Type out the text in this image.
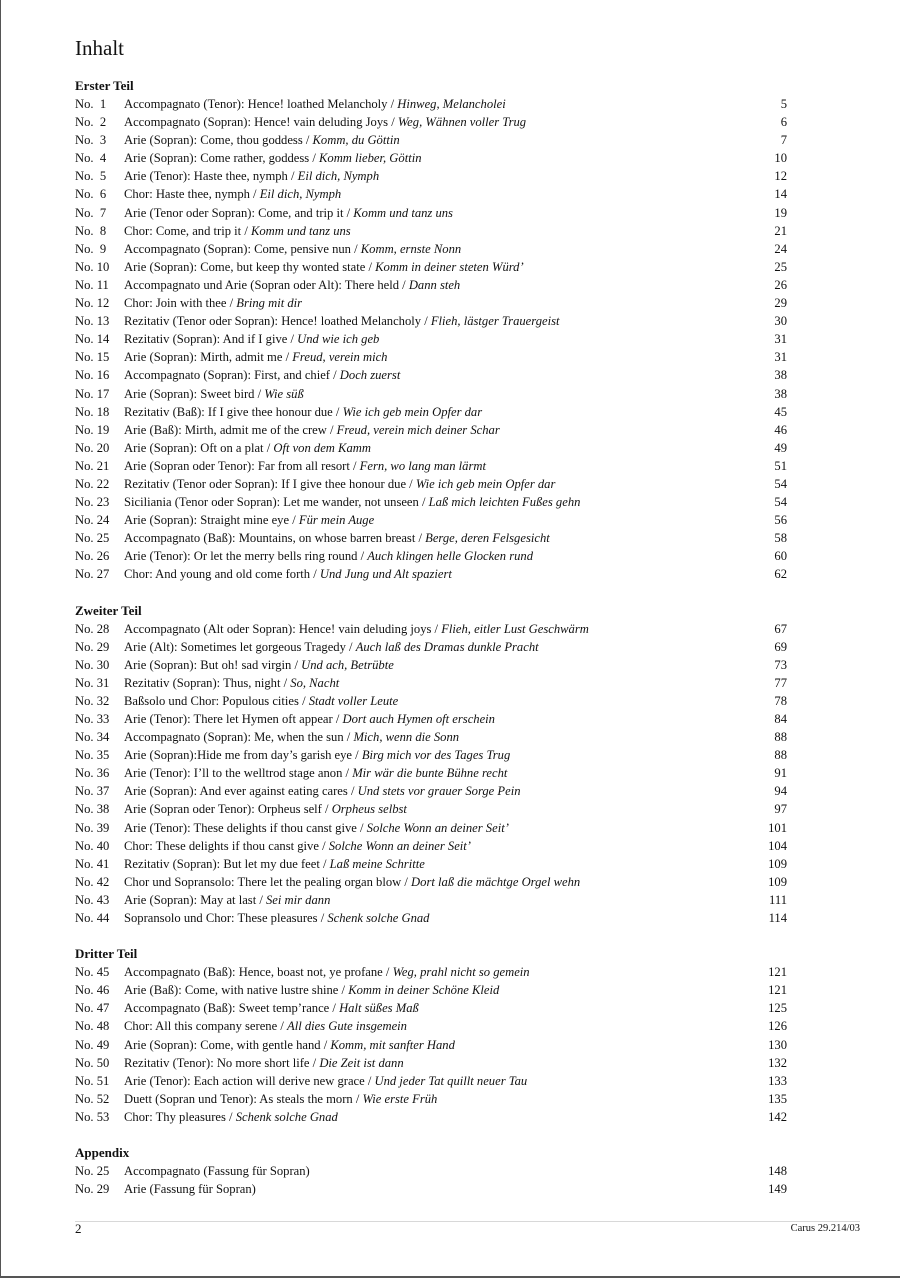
Inhalt
Erster Teil
No.  1	Accompagnato (Tenor): Hence! loathed Melancholy / Hinweg, Melancholei	5
No.  2	Accompagnato (Sopran): Hence! vain deluding Joys / Weg, Wähnen voller Trug	6
No.  3	Arie (Sopran): Come, thou goddess / Komm, du Göttin	7
No.  4	Arie (Sopran): Come rather, goddess / Komm lieber, Göttin	10
No.  5	Arie (Tenor): Haste thee, nymph / Eil dich, Nymph	12
No.  6	Chor: Haste thee, nymph / Eil dich, Nymph	14
No.  7	Arie (Tenor oder Sopran): Come, and trip it / Komm und tanz uns	19
No.  8	Chor: Come, and trip it / Komm und tanz uns	21
No.  9	Accompagnato (Sopran): Come, pensive nun / Komm, ernste Nonn	24
No. 10	Arie (Sopran): Come, but keep thy wonted state / Komm in deiner steten Würd’	25
No. 11	Accompagnato und Arie (Sopran oder Alt): There held / Dann steh	26
No. 12	Chor: Join with thee / Bring mit dir	29
No. 13	Rezitativ (Tenor oder Sopran): Hence! loathed Melancholy / Flieh, lästger Trauergeist	30
No. 14	Rezitativ (Sopran): And if I give / Und wie ich geb	31
No. 15	Arie (Sopran): Mirth, admit me / Freud, verein mich	31
No. 16	Accompagnato (Sopran): First, and chief / Doch zuerst	38
No. 17	Arie (Sopran): Sweet bird / Wie süß	38
No. 18	Rezitativ (Baß): If I give thee honour due / Wie ich geb mein Opfer dar	45
No. 19	Arie (Baß): Mirth, admit me of the crew / Freud, verein mich deiner Schar	46
No. 20	Arie (Sopran): Oft on a plat / Oft von dem Kamm	49
No. 21	Arie (Sopran oder Tenor): Far from all resort / Fern, wo lang man lärmt	51
No. 22	Rezitativ (Tenor oder Sopran): If I give thee honour due / Wie ich geb mein Opfer dar	54
No. 23	Siciliania (Tenor oder Sopran): Let me wander, not unseen / Laß mich leichten Fußes gehn	54
No. 24	Arie (Sopran): Straight mine eye / Für mein Auge	56
No. 25	Accompagnato (Baß): Mountains, on whose barren breast / Berge, deren Felsgesicht	58
No. 26	Arie (Tenor): Or let the merry bells ring round / Auch klingen helle Glocken rund	60
No. 27	Chor: And young and old come forth / Und Jung und Alt spaziert	62
Zweiter Teil
No. 28	Accompagnato (Alt oder Sopran): Hence! vain deluding joys / Flieh, eitler Lust Geschwärm	67
No. 29	Arie (Alt): Sometimes let gorgeous Tragedy / Auch laß des Dramas dunkle Pracht	69
No. 30	Arie (Sopran): But oh! sad virgin / Und ach, Betrübte	73
No. 31	Rezitativ (Sopran): Thus, night / So, Nacht	77
No. 32	Baßsolo und Chor: Populous cities / Stadt voller Leute	78
No. 33	Arie (Tenor): There let Hymen oft appear / Dort auch Hymen oft erschein	84
No. 34	Accompagnato (Sopran): Me, when the sun / Mich, wenn die Sonn	88
No. 35	Arie (Sopran):Hide me from day’s garish eye / Birg mich vor des Tages Trug	88
No. 36	Arie (Tenor): I’ll to the welltrod stage anon / Mir wär die bunte Bühne recht	91
No. 37	Arie (Sopran): And ever against eating cares / Und stets vor grauer Sorge Pein	94
No. 38	Arie (Sopran oder Tenor): Orpheus self / Orpheus selbst	97
No. 39	Arie (Tenor): These delights if thou canst give / Solche Wonn an deiner Seit’	101
No. 40	Chor: These delights if thou canst give / Solche Wonn an deiner Seit’	104
No. 41	Rezitativ (Sopran): But let my due feet / Laß meine Schritte	109
No. 42	Chor und Sopransolo: There let the pealing organ blow / Dort laß die mächtge Orgel wehn	109
No. 43	Arie (Sopran): May at last / Sei mir dann	111
No. 44	Sopransolo und Chor: These pleasures / Schenk solche Gnad	114
Dritter Teil
No. 45	Accompagnato (Baß): Hence, boast not, ye profane / Weg, prahl nicht so gemein	121
No. 46	Arie (Baß): Come, with native lustre shine / Komm in deiner Schöne Kleid	121
No. 47	Accompagnato (Baß): Sweet temp’rance / Halt süßes Maß	125
No. 48	Chor: All this company serene / All dies Gute insgemein	126
No. 49	Arie (Sopran): Come, with gentle hand / Komm, mit sanfter Hand	130
No. 50	Rezitativ (Tenor): No more short life / Die Zeit ist dann	132
No. 51	Arie (Tenor): Each action will derive new grace / Und jeder Tat quillt neuer Tau	133
No. 52	Duett (Sopran und Tenor): As steals the morn / Wie erste Früh	135
No. 53	Chor: Thy pleasures / Schenk solche Gnad	142
Appendix
No. 25	Accompagnato (Fassung für Sopran)	148
No. 29	Arie (Fassung für Sopran)	149
2	Carus 29.214/03
